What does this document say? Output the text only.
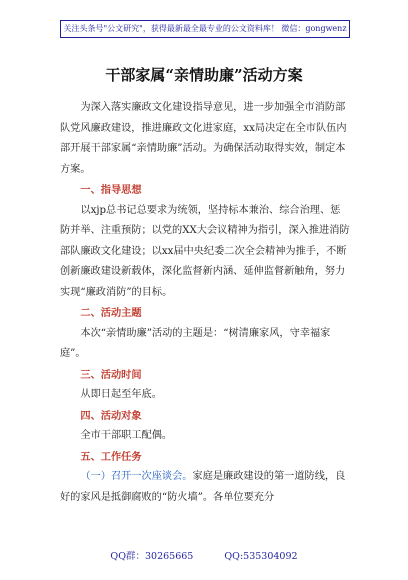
关注头条号"公文研究"，获得最新最全最专业的公文资料库！ 微信：gongwenz
干部家属“亲情助廉”活动方案

为深入落实廉政文化建设指导意见，进一步加强全市消防部队党风廉政建设，推进廉政文化进家庭，xx局决定在全市队伍内部开展干部家属“亲情助廉”活动。为确保活动取得实效，制定本方案。

一、指导思想

以xjp总书记总要求为统领，坚持标本兼治、综合治理、惩防并举、注重预防；以党的XX大会议精神为指引，深入推进消防部队廉政文化建设；以xx届中央纪委二次全会精神为推手，不断创新廉政建设新载体，深化监督新内涵、延伸监督新触角，努力实现“廉政消防”的目标。

二、活动主题

本次“亲情助廉”活动的主题是：“树清廉家风，守幸福家庭”。

三、活动时间

从即日起至年底。

四、活动对象

全市干部职工配偶。

五、工作任务

（一）召开一次座谈会。家庭是廉政建设的第一道防线，良好的家风是抵御腐败的“防火墙”。各单位要充分

QQ群：30265665	QQ:535304092
